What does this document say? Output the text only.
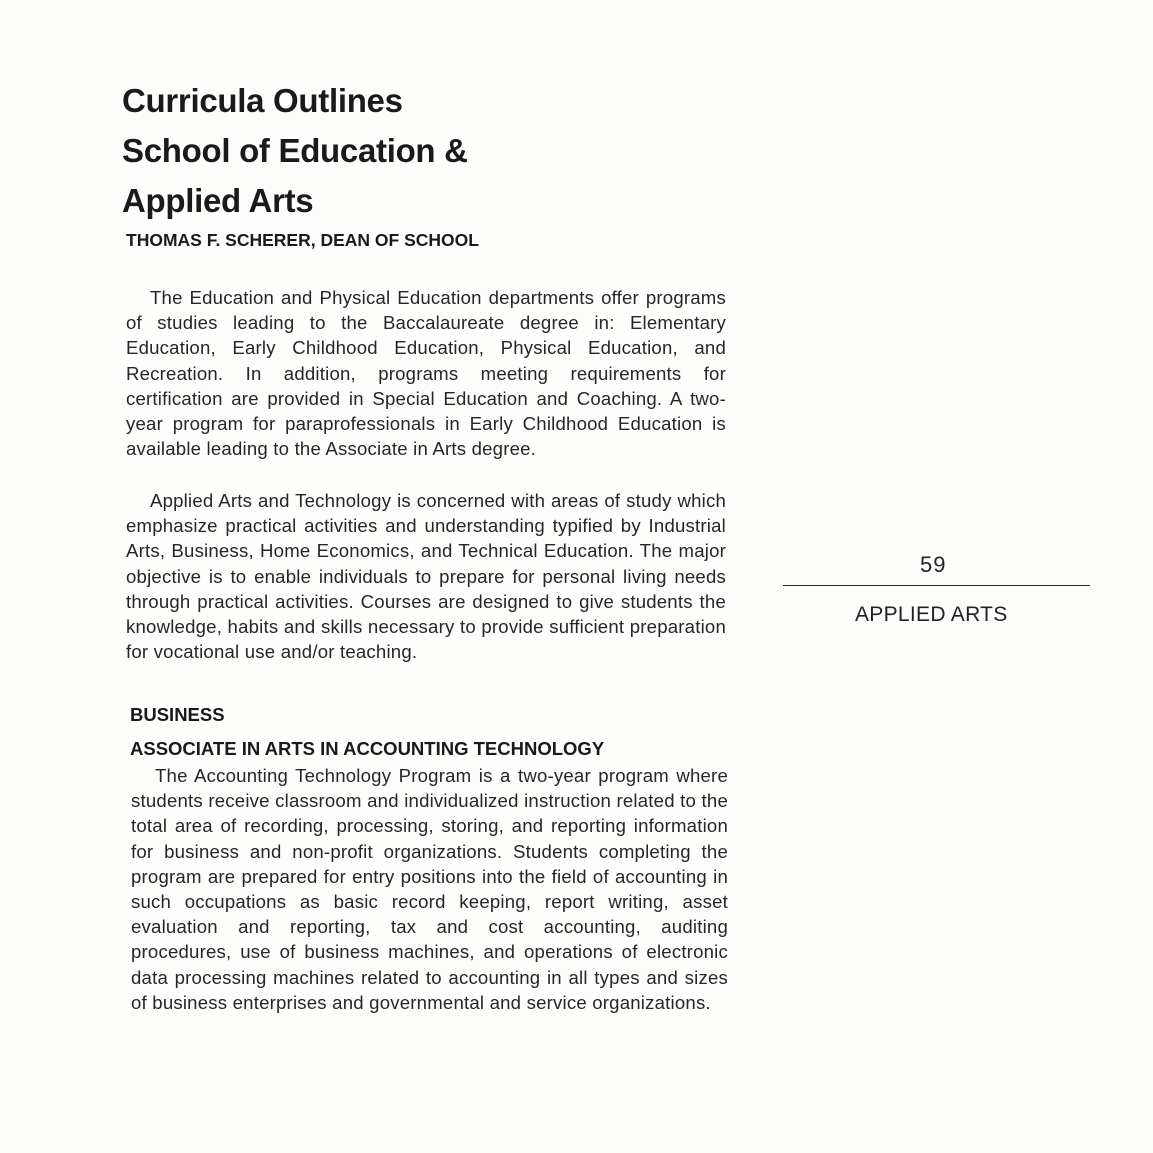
Curricula Outlines
School of Education &
Applied Arts

THOMAS F. SCHERER, DEAN OF SCHOOL

The Education and Physical Education departments offer programs of studies leading to the Baccalaureate degree in: Elementary Education, Early Childhood Education, Physical Education, and Recreation. In addition, programs meeting requirements for certification are provided in Special Education and Coaching. A two-year program for paraprofessionals in Early Childhood Education is available leading to the Associate in Arts degree.

Applied Arts and Technology is concerned with areas of study which emphasize practical activities and understanding typified by Industrial Arts, Business, Home Economics, and Technical Education. The major objective is to enable individuals to prepare for personal living needs through practical activities. Courses are designed to give students the knowledge, habits and skills necessary to provide sufficient preparation for vocational use and/or teaching.

BUSINESS
ASSOCIATE IN ARTS IN ACCOUNTING TECHNOLOGY

The Accounting Technology Program is a two-year program where students receive classroom and individualized instruction related to the total area of recording, processing, storing, and reporting information for business and non-profit organizations. Students completing the program are prepared for entry positions into the field of accounting in such occupations as basic record keeping, report writing, asset evaluation and reporting, tax and cost accounting, auditing procedures, use of business machines, and operations of electronic data processing machines related to accounting in all types and sizes of business enterprises and governmental and service organizations.

59
APPLIED ARTS
